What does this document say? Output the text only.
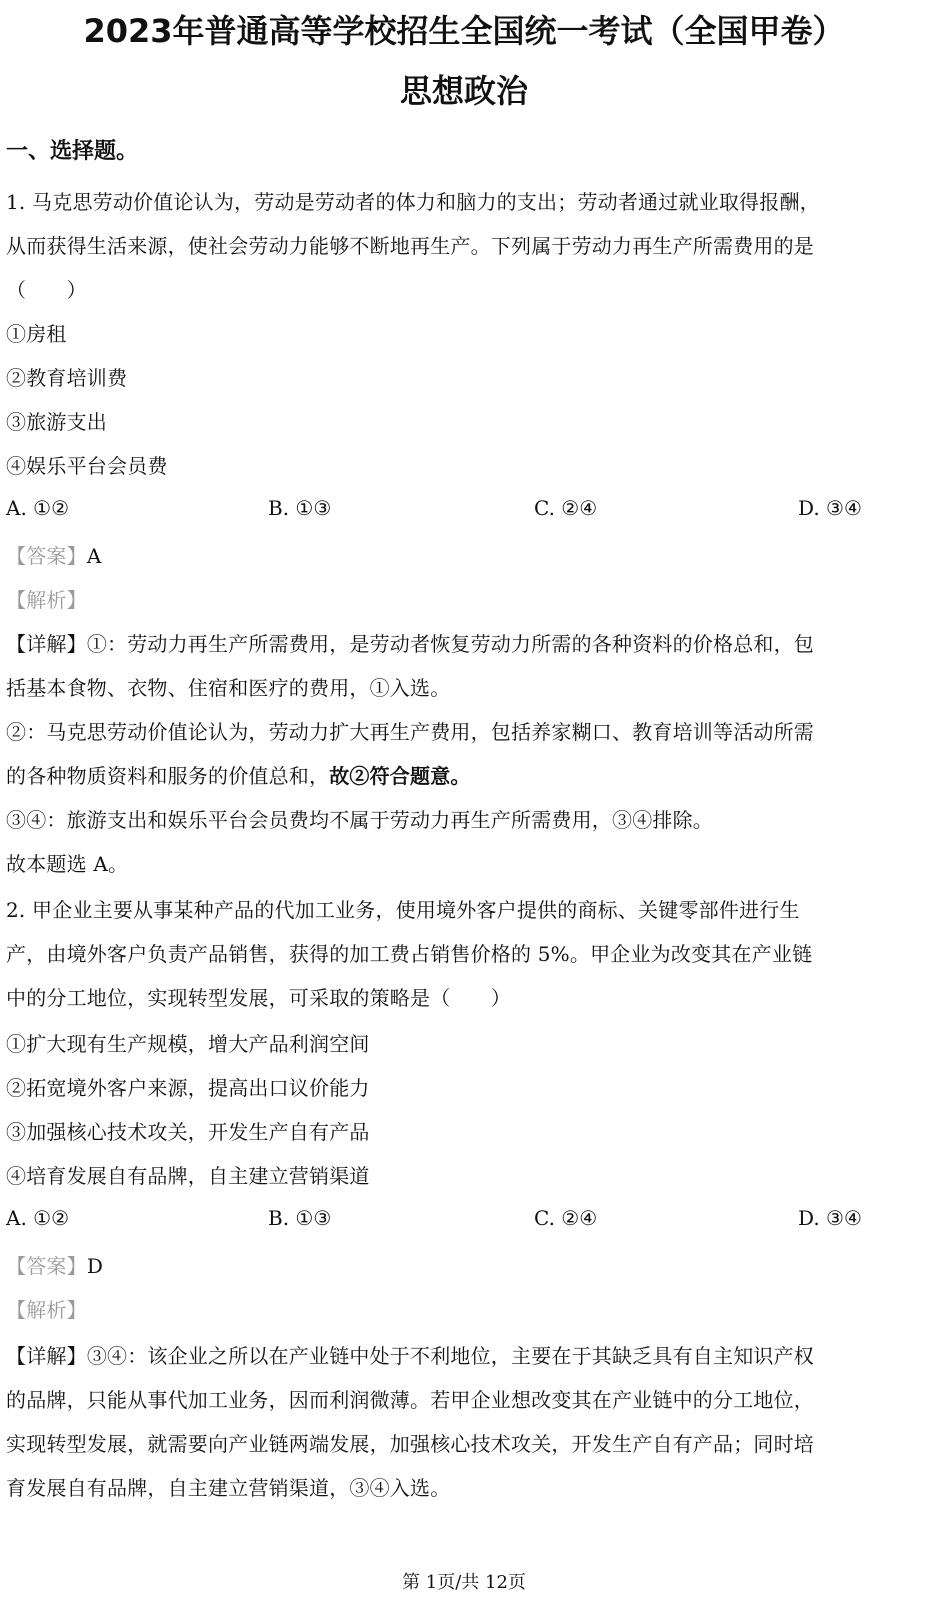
2023年普通高等学校招生全国统一考试（全国甲卷）
思想政治
一、选择题。
1. 马克思劳动价值论认为，劳动是劳动者的体力和脑力的支出；劳动者通过就业取得报酬，
从而获得生活来源，使社会劳动力能够不断地再生产。下列属于劳动力再生产所需费用的是
（　　）
①房租
②教育培训费
③旅游支出
④娱乐平台会员费
A. ①②	B. ①③	C. ②④	D. ③④
【答案】A
【解析】
【详解】①：劳动力再生产所需费用，是劳动者恢复劳动力所需的各种资料的价格总和，包
括基本食物、衣物、住宿和医疗的费用，①入选。
②：马克思劳动价值论认为，劳动力扩大再生产费用，包括养家糊口、教育培训等活动所需
的各种物质资料和服务的价值总和，故②符合题意。
③④：旅游支出和娱乐平台会员费均不属于劳动力再生产所需费用，③④排除。
故本题选 A。
2. 甲企业主要从事某种产品的代加工业务，使用境外客户提供的商标、关键零部件进行生
产，由境外客户负责产品销售，获得的加工费占销售价格的 5%。甲企业为改变其在产业链
中的分工地位，实现转型发展，可采取的策略是（　　）
①扩大现有生产规模，增大产品利润空间
②拓宽境外客户来源，提高出口议价能力
③加强核心技术攻关，开发生产自有产品
④培育发展自有品牌，自主建立营销渠道
A. ①②	B. ①③	C. ②④	D. ③④
【答案】D
【解析】
【详解】③④：该企业之所以在产业链中处于不利地位，主要在于其缺乏具有自主知识产权
的品牌，只能从事代加工业务，因而利润微薄。若甲企业想改变其在产业链中的分工地位，
实现转型发展，就需要向产业链两端发展，加强核心技术攻关，开发生产自有产品；同时培
育发展自有品牌，自主建立营销渠道，③④入选。
第 1页/共 12页
